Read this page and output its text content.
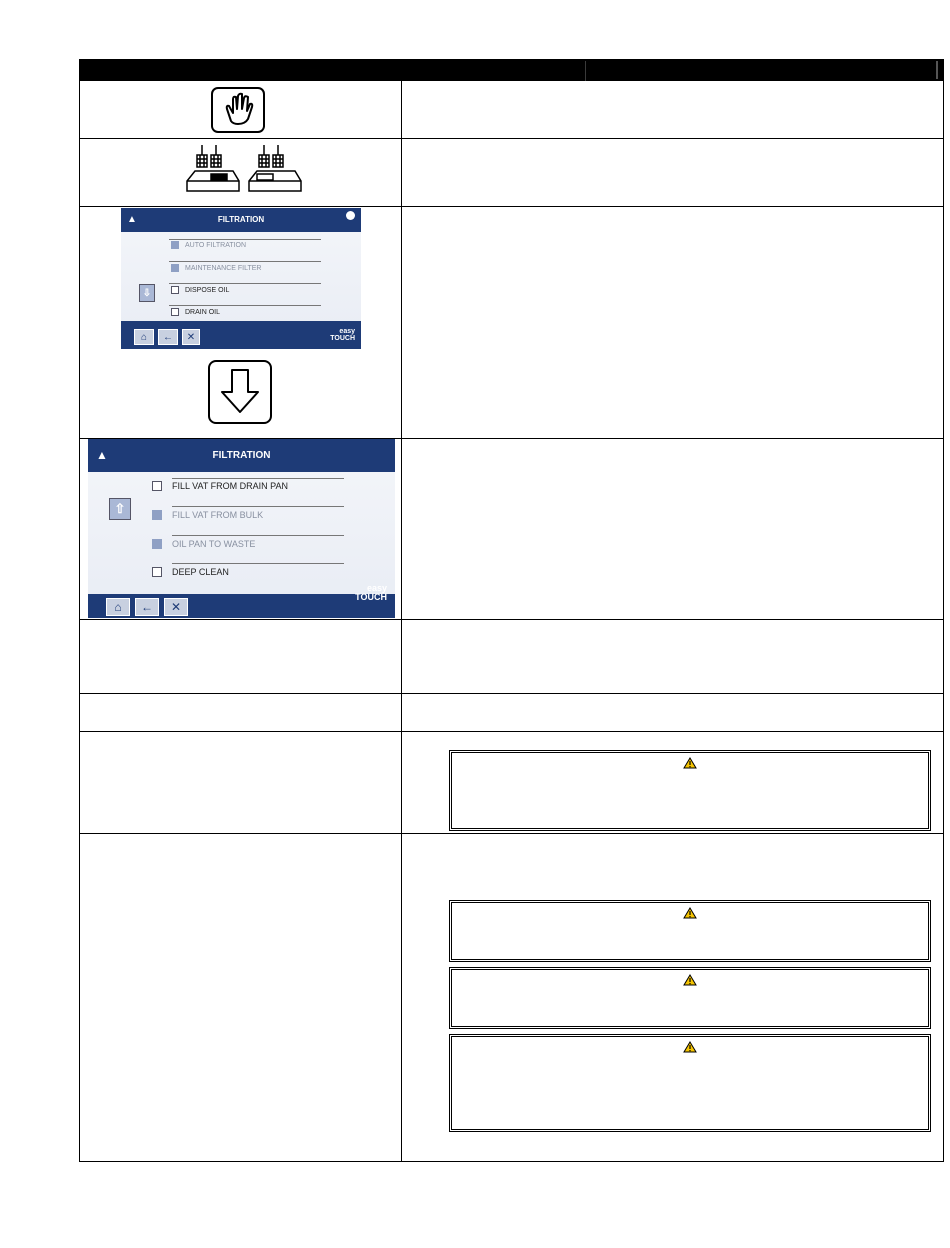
▲	FILTRATION
AUTO FILTRATION
MAINTENANCE FILTER
DISPOSE OIL
DRAIN OIL
⇩
⌂	←	✕	easy
TOUCH
▲	FILTRATION
FILL VAT FROM DRAIN PAN
FILL VAT FROM BULK
OIL PAN TO WASTE
DEEP CLEAN
⇧
⌂	←	✕
easy
TOUCH
